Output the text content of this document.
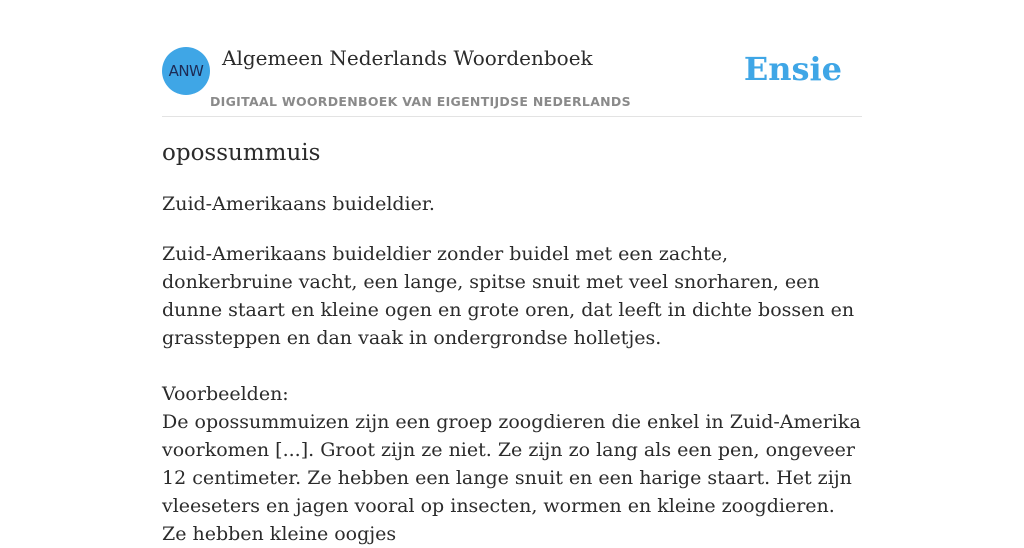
ANW
Algemeen Nederlands Woordenboek
DIGITAAL WOORDENBOEK VAN EIGENTIJDSE NEDERLANDS
Ensie
opossummuis

Zuid-Amerikaans buideldier.

Zuid-Amerikaans buideldier zonder buidel met een zachte, donkerbruine vacht, een lange, spitse snuit met veel snorharen, een dunne staart en kleine ogen en grote oren, dat leeft in dichte bossen en grassteppen en dan vaak in ondergrondse holletjes.

Voorbeelden:

De opossummuizen zijn een groep zoogdieren die enkel in Zuid-Amerika voorkomen [...]. Groot zijn ze niet. Ze zijn zo lang als een pen, ongeveer 12 centimeter. Ze hebben een lange snuit en een harige staart. Het zijn vleeseters en jagen vooral op insecten, wormen en kleine zoogdieren. Ze hebben kleine oogjes
